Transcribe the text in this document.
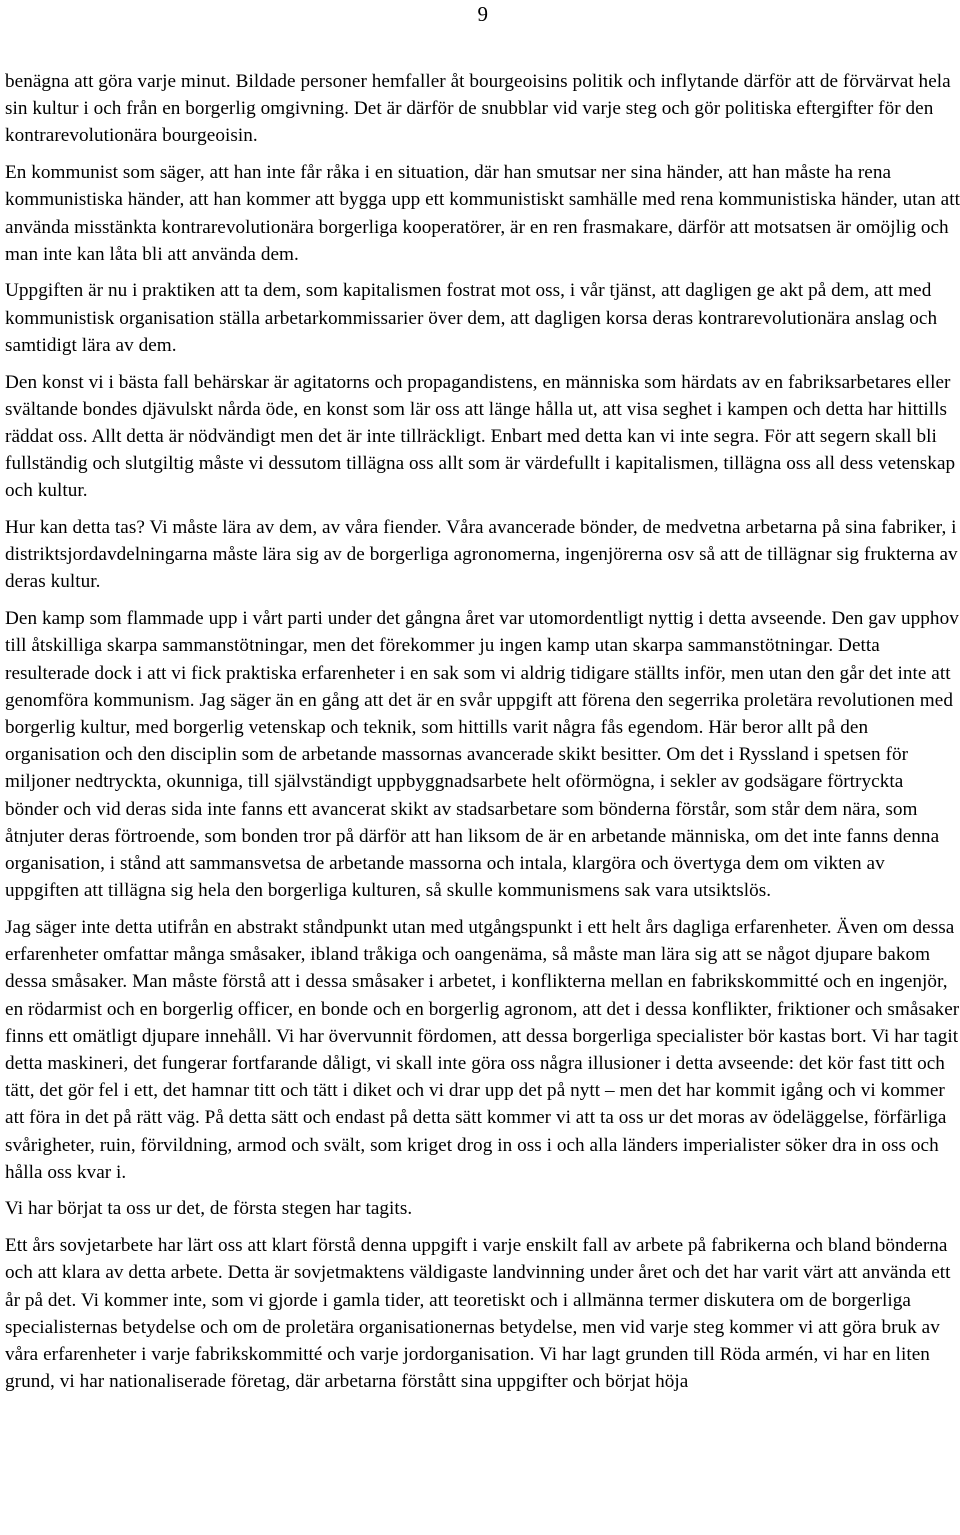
9

benägna att göra varje minut. Bildade personer hemfaller åt bourgeoisins politik och inflytande därför att de förvärvat hela sin kultur i och från en borgerlig omgivning. Det är därför de snubblar vid varje steg och gör politiska eftergifter för den kontrarevolutionära bourgeoisin.

En kommunist som säger, att han inte får råka i en situation, där han smutsar ner sina händer, att han måste ha rena kommunistiska händer, att han kommer att bygga upp ett kommunistiskt samhälle med rena kommunistiska händer, utan att använda misstänkta kontrarevolutionära borgerliga kooperatörer, är en ren frasmakare, därför att motsatsen är omöjlig och man inte kan låta bli att använda dem.

Uppgiften är nu i praktiken att ta dem, som kapitalismen fostrat mot oss, i vår tjänst, att dagligen ge akt på dem, att med kommunistisk organisation ställa arbetarkommissarier över dem, att dagligen korsa deras kontrarevolutionära anslag och samtidigt lära av dem.

Den konst vi i bästa fall behärskar är agitatorns och propagandistens, en människa som härdats av en fabriksarbetares eller svältande bondes djävulskt nårda öde, en konst som lär oss att länge hålla ut, att visa seghet i kampen och detta har hittills räddat oss. Allt detta är nödvändigt men det är inte tillräckligt. Enbart med detta kan vi inte segra. För att segern skall bli fullständig och slutgiltig måste vi dessutom tillägna oss allt som är värdefullt i kapitalismen, tillägna oss all dess vetenskap och kultur.

Hur kan detta tas? Vi måste lära av dem, av våra fiender. Våra avancerade bönder, de medvetna arbetarna på sina fabriker, i distriktsjordavdelningarna måste lära sig av de borgerliga agronomerna, ingenjörerna osv så att de tillägnar sig frukterna av deras kultur.

Den kamp som flammade upp i vårt parti under det gångna året var utomordentligt nyttig i detta avseende. Den gav upphov till åtskilliga skarpa sammanstötningar, men det förekommer ju ingen kamp utan skarpa sammanstötningar. Detta resulterade dock i att vi fick praktiska erfarenheter i en sak som vi aldrig tidigare ställts inför, men utan den går det inte att genomföra kommunism. Jag säger än en gång att det är en svår uppgift att förena den segerrika proletära revolutionen med borgerlig kultur, med borgerlig vetenskap och teknik, som hittills varit några fås egendom. Här beror allt på den organisation och den disciplin som de arbetande massornas avancerade skikt besitter. Om det i Ryssland i spetsen för miljoner nedtryckta, okunniga, till självständigt uppbyggnadsarbete helt oförmögna, i sekler av godsägare förtryckta bönder och vid deras sida inte fanns ett avancerat skikt av stadsarbetare som bönderna förstår, som står dem nära, som åtnjuter deras förtroende, som bonden tror på därför att han liksom de är en arbetande människa, om det inte fanns denna organisation, i stånd att sammansvetsa de arbetande massorna och intala, klargöra och övertyga dem om vikten av uppgiften att tillägna sig hela den borgerliga kulturen, så skulle kommunismens sak vara utsiktslös.

Jag säger inte detta utifrån en abstrakt ståndpunkt utan med utgångspunkt i ett helt års dagliga erfarenheter. Även om dessa erfarenheter omfattar många småsaker, ibland tråkiga och oangenäma, så måste man lära sig att se något djupare bakom dessa småsaker. Man måste förstå att i dessa småsaker i arbetet, i konflikterna mellan en fabrikskommitté och en ingenjör, en rödarmist och en borgerlig officer, en bonde och en borgerlig agronom, att det i dessa konflikter, friktioner och småsaker finns ett omätligt djupare innehåll. Vi har övervunnit fördomen, att dessa borgerliga specialister bör kastas bort. Vi har tagit detta maskineri, det fungerar fortfarande dåligt, vi skall inte göra oss några illusioner i detta avseende: det kör fast titt och tätt, det gör fel i ett, det hamnar titt och tätt i diket och vi drar upp det på nytt – men det har kommit igång och vi kommer att föra in det på rätt väg. På detta sätt och endast på detta sätt kommer vi att ta oss ur det moras av ödeläggelse, förfärliga svårigheter, ruin, förvildning, armod och svält, som kriget drog in oss i och alla länders imperialister söker dra in oss och hålla oss kvar i.

Vi har börjat ta oss ur det, de första stegen har tagits.

Ett års sovjetarbete har lärt oss att klart förstå denna uppgift i varje enskilt fall av arbete på fabrikerna och bland bönderna och att klara av detta arbete. Detta är sovjetmaktens väldigaste landvinning under året och det har varit värt att använda ett år på det. Vi kommer inte, som vi gjorde i gamla tider, att teoretiskt och i allmänna termer diskutera om de borgerliga specialisternas betydelse och om de proletära organisationernas betydelse, men vid varje steg kommer vi att göra bruk av våra erfarenheter i varje fabrikskommitté och varje jordorganisation. Vi har lagt grunden till Röda armén, vi har en liten grund, vi har nationaliserade företag, där arbetarna förstått sina uppgifter och börjat höja
